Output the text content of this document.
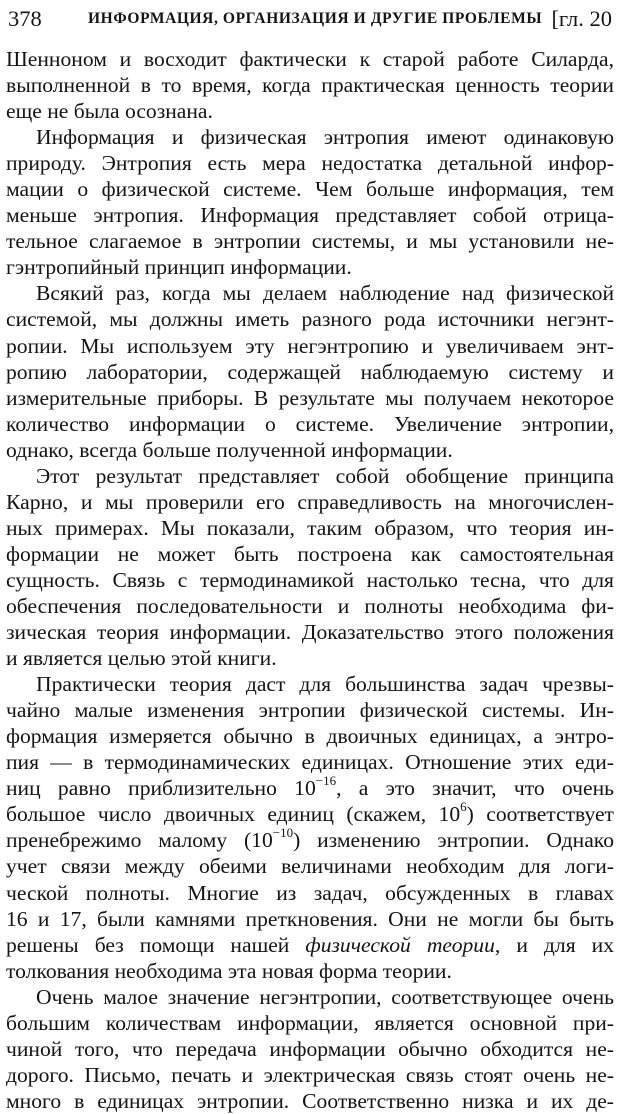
378	ИНФОРМАЦИЯ, ОРГАНИЗАЦИЯ И ДРУГИЕ ПРОБЛЕМЫ [гл. 20
Шенноном и восходит фактически к старой работе Силарда,
выполненной в то время, когда практическая ценность теории
еще не была осознана.
Информация и физическая энтропия имеют одинаковую
природу. Энтропия есть мера недостатка детальной инфор-
мации о физической системе. Чем больше информация, тем
меньше энтропия. Информация представляет собой отрица-
тельное слагаемое в энтропии системы, и мы установили не-
гэнтропийный принцип информации.
Всякий раз, когда мы делаем наблюдение над физической
системой, мы должны иметь разного рода источники негэнт-
ропии. Мы используем эту негэнтропию и увеличиваем энт-
ропию лаборатории, содержащей наблюдаемую систему и
измерительные приборы. В результате мы получаем некоторое
количество информации о системе. Увеличение энтропии,
однако, всегда больше полученной информации.
Этот результат представляет собой обобщение принципа
Карно, и мы проверили его справедливость на многочислен-
ных примерах. Мы показали, таким образом, что теория ин-
формации не может быть построена как самостоятельная
сущность. Связь с термодинамикой настолько тесна, что для
обеспечения последовательности и полноты необходима фи-
зическая теория информации. Доказательство этого положения
и является целью этой книги.
Практически теория даст для большинства задач чрезвы-
чайно малые изменения энтропии физической системы. Ин-
формация измеряется обычно в двоичных единицах, а энтро-
пия — в термодинамических единицах. Отношение этих еди-
ниц равно приблизительно $10^{-16}$, а это значит, что очень
большое число двоичных единиц (скажем, $10^6$) соответствует
пренебрежимо малому $(10^{-10})$ изменению энтропии. Однако
учет связи между обеими величинами необходим для логи-
ческой полноты. Многие из задач, обсужденных в главах
16 и 17, были камнями преткновения. Они не могли бы быть
решены без помощи нашей физической теории, и для их
толкования необходима эта новая форма теории.
Очень малое значение негэнтропии, соответствующее очень
большим количествам информации, является основной при-
чиной того, что передача информации обычно обходится не-
дорого. Письмо, печать и электрическая связь стоят очень не-
много в единицах энтропии. Соответственно низка и их де-
